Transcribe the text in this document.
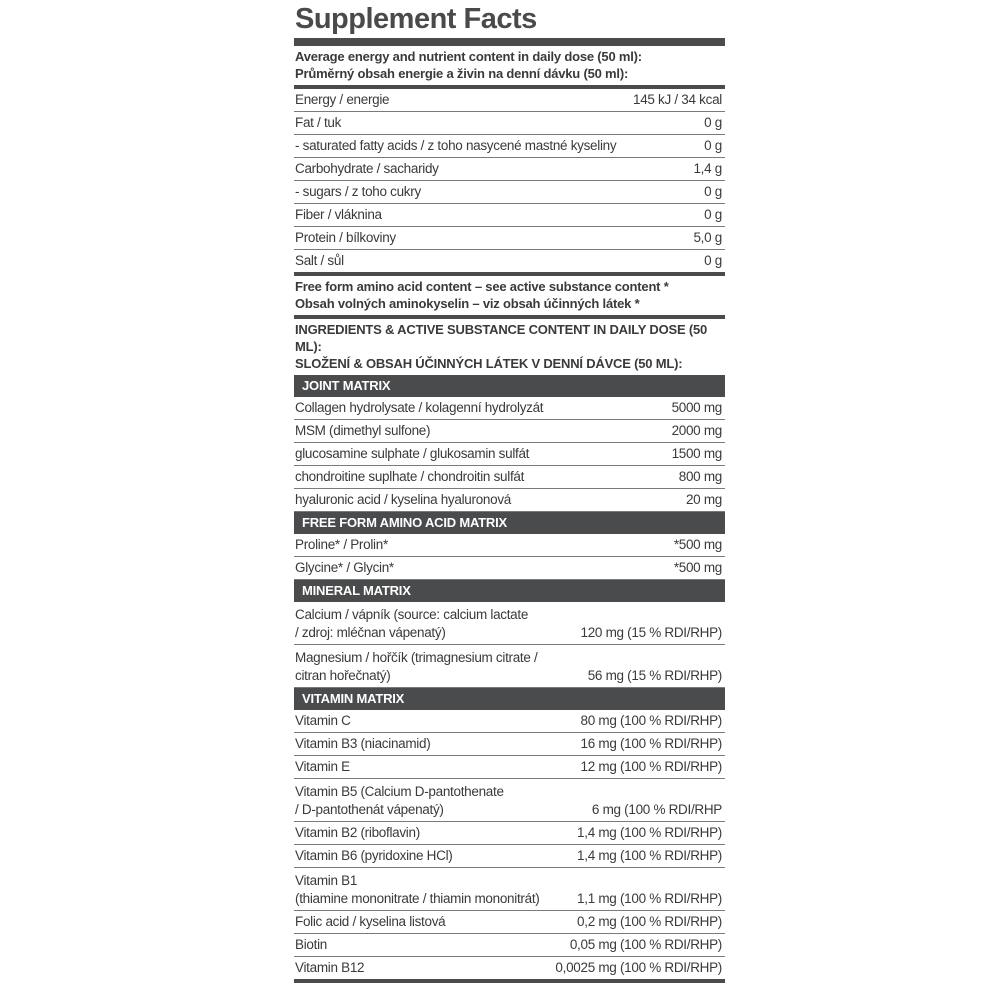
Supplement Facts
Average energy and nutrient content in daily dose (50 ml):
Průměrný obsah energie a živin na denní dávku (50 ml):
Energy / energie	145 kJ / 34 kcal
Fat / tuk	0 g
- saturated fatty acids / z toho nasycené mastné kyseliny	0 g
Carbohydrate / sacharidy	1,4 g
- sugars / z toho cukry	0 g
Fiber / vláknina	0 g
Protein / bílkoviny	5,0 g
Salt / sůl	0 g
Free form amino acid content – see active substance content *
Obsah volných aminokyselin – viz obsah účinných látek *
INGREDIENTS & ACTIVE SUBSTANCE CONTENT IN DAILY DOSE (50 ML):
SLOŽENÍ & OBSAH ÚČINNÝCH LÁTEK V DENNÍ DÁVCE (50 ML):
JOINT MATRIX
Collagen hydrolysate / kolagenní hydrolyzát	5000 mg
MSM (dimethyl sulfone)	2000 mg
glucosamine sulphate / glukosamin sulfát	1500 mg
chondroitine suplhate / chondroitin sulfát	800 mg
hyaluronic acid / kyselina hyaluronová	20 mg
FREE FORM AMINO ACID MATRIX
Proline* / Prolin*	*500 mg
Glycine* / Glycin*	*500 mg
MINERAL MATRIX
Calcium / vápník (source: calcium lactate
/ zdroj: mléčnan vápenatý)	120 mg (15 % RDI/RHP)
Magnesium / hořčík (trimagnesium citrate /
citran hořečnatý)	56 mg (15 % RDI/RHP)
VITAMIN MATRIX
Vitamin C	80 mg (100 % RDI/RHP)
Vitamin B3 (niacinamid)	16 mg (100 % RDI/RHP)
Vitamin E	12 mg (100 % RDI/RHP)
Vitamin B5 (Calcium D-pantothenate
/ D-pantothenát vápenatý)	6 mg (100 % RDI/RHP
Vitamin B2 (riboflavin)	1,4 mg (100 % RDI/RHP)
Vitamin B6 (pyridoxine HCl)	1,4 mg (100 % RDI/RHP)
Vitamin B1
(thiamine mononitrate / thiamin mononitrát)	1,1 mg (100 % RDI/RHP)
Folic acid / kyselina listová	0,2 mg (100 % RDI/RHP)
Biotin	0,05 mg (100 % RDI/RHP)
Vitamin B12	0,0025 mg (100 % RDI/RHP)
